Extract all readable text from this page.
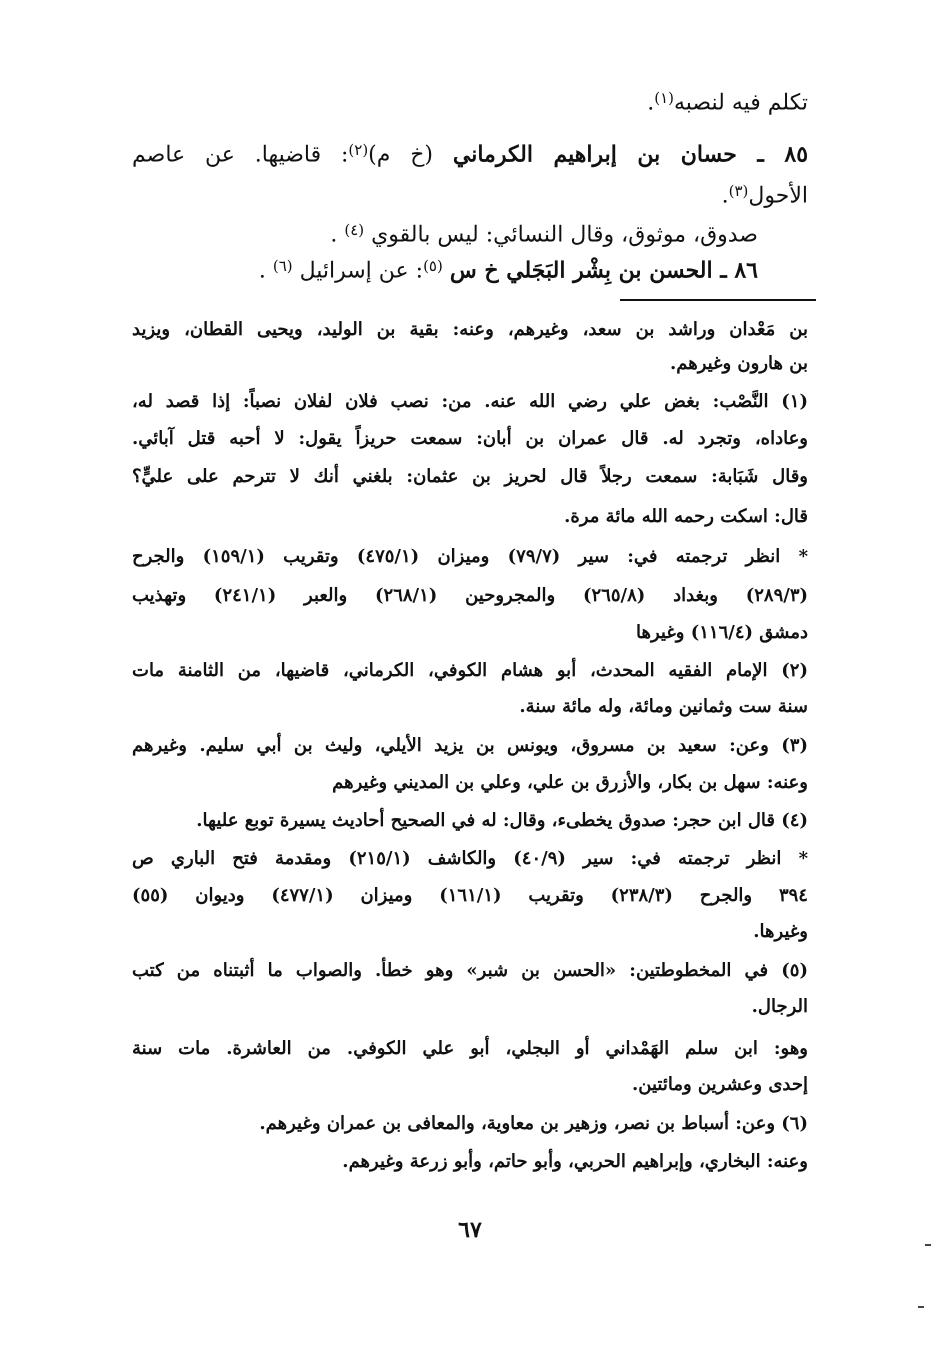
تكلم فيه لنصبه$^{(١)}$.
٨٥ ـ حسان بن إبراهيم الكرماني (خ م)$^{(٢)}$: قاضيها. عن عاصم
الأحول$^{(٣)}$.
صدوق، موثوق، وقال النسائي: ليس بالقوي $^{(٤)}$ .
٨٦ ـ الحسن بن بِشْر البَجَلي خ س $^{(٥)}$: عن إسرائيل $^{(٦)}$ .
بن مَعْدان وراشد بن سعد، وغيرهم، وعنه: بقية بن الوليد، ويحيى القطان، ويزيد
بن هارون وغيرهم.
(١) النَّصْب: بغض علي رضي الله عنه. من: نصب فلان لفلان نصباً: إذا قصد له،
وعاداه، وتجرد له. قال عمران بن أبان: سمعت حريزاً يقول: لا أحبه قتل آبائي.
وقال شَبَابة: سمعت رجلاً قال لحريز بن عثمان: بلغني أنك لا تترحم على عليٍّ؟
قال: اسكت رحمه الله مائة مرة.
* انظر ترجمته في: سير (٧٩/٧) وميزان (٤٧٥/١) وتقريب (١٥٩/١) والجرح
(٢٨٩/٣) وبغداد (٢٦٥/٨) والمجروحين (٢٦٨/١) والعبر (٢٤١/١) وتهذيب
دمشق (١١٦/٤) وغيرها
(٢) الإمام الفقيه المحدث، أبو هشام الكوفي، الكرماني، قاضيها، من الثامنة مات
سنة ست وثمانين ومائة، وله مائة سنة.
(٣) وعن: سعيد بن مسروق، ويونس بن يزيد الأيلي، وليث بن أبي سليم. وغيرهم
وعنه: سهل بن بكار، والأزرق بن علي، وعلي بن المديني وغيرهم
(٤) قال ابن حجر: صدوق يخطىء، وقال: له في الصحيح أحاديث يسيرة توبع عليها.
* انظر ترجمته في: سير (٤٠/٩) والكاشف (٢١٥/١) ومقدمة فتح الباري ص
٣٩٤ والجرح (٢٣٨/٣) وتقريب (١٦١/١) وميزان (٤٧٧/١) وديوان (٥٥)
وغيرها.
(٥) في المخطوطتين: «الحسن بن شبر» وهو خطأ. والصواب ما أثبتناه من كتب
الرجال.
وهو: ابن سلم الهَمْداني أو البجلي، أبو علي الكوفي. من العاشرة. مات سنة
إحدى وعشرين ومائتين.
(٦) وعن: أسباط بن نصر، وزهير بن معاوية، والمعافى بن عمران وغيرهم.
وعنه: البخاري، وإبراهيم الحربي، وأبو حاتم، وأبو زرعة وغيرهم.
٦٧
